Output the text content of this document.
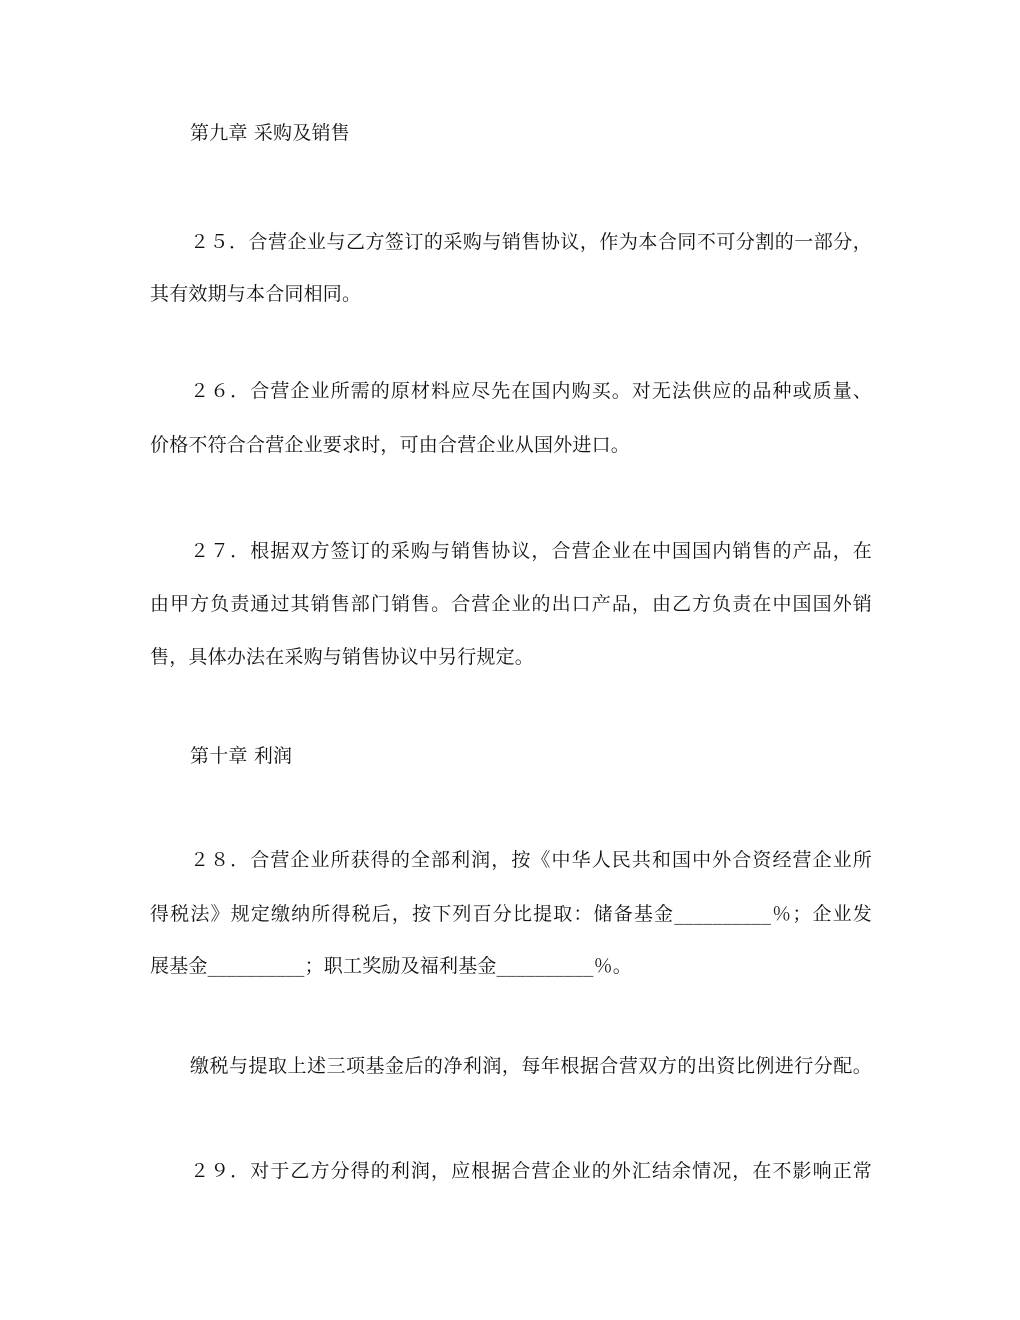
第九章 采购及销售
２５．合营企业与乙方签订的采购与销售协议，作为本合同不可分割的一部分，
其有效期与本合同相同。
２６．合营企业所需的原材料应尽先在国内购买。对无法供应的品种或质量、
价格不符合合营企业要求时，可由合营企业从国外进口。
２７．根据双方签订的采购与销售协议，合营企业在中国国内销售的产品，在
由甲方负责通过其销售部门销售。合营企业的出口产品，由乙方负责在中国国外销
售，具体办法在采购与销售协议中另行规定。
第十章 利润
２８．合营企业所获得的全部利润，按《中华人民共和国中外合资经营企业所
得税法》规定缴纳所得税后，按下列百分比提取：储备基金__________％；企业发
展基金__________；职工奖励及福利基金__________％。
缴税与提取上述三项基金后的净利润，每年根据合营双方的出资比例进行分配。
２９．对于乙方分得的利润，应根据合营企业的外汇结余情况，在不影响正常
